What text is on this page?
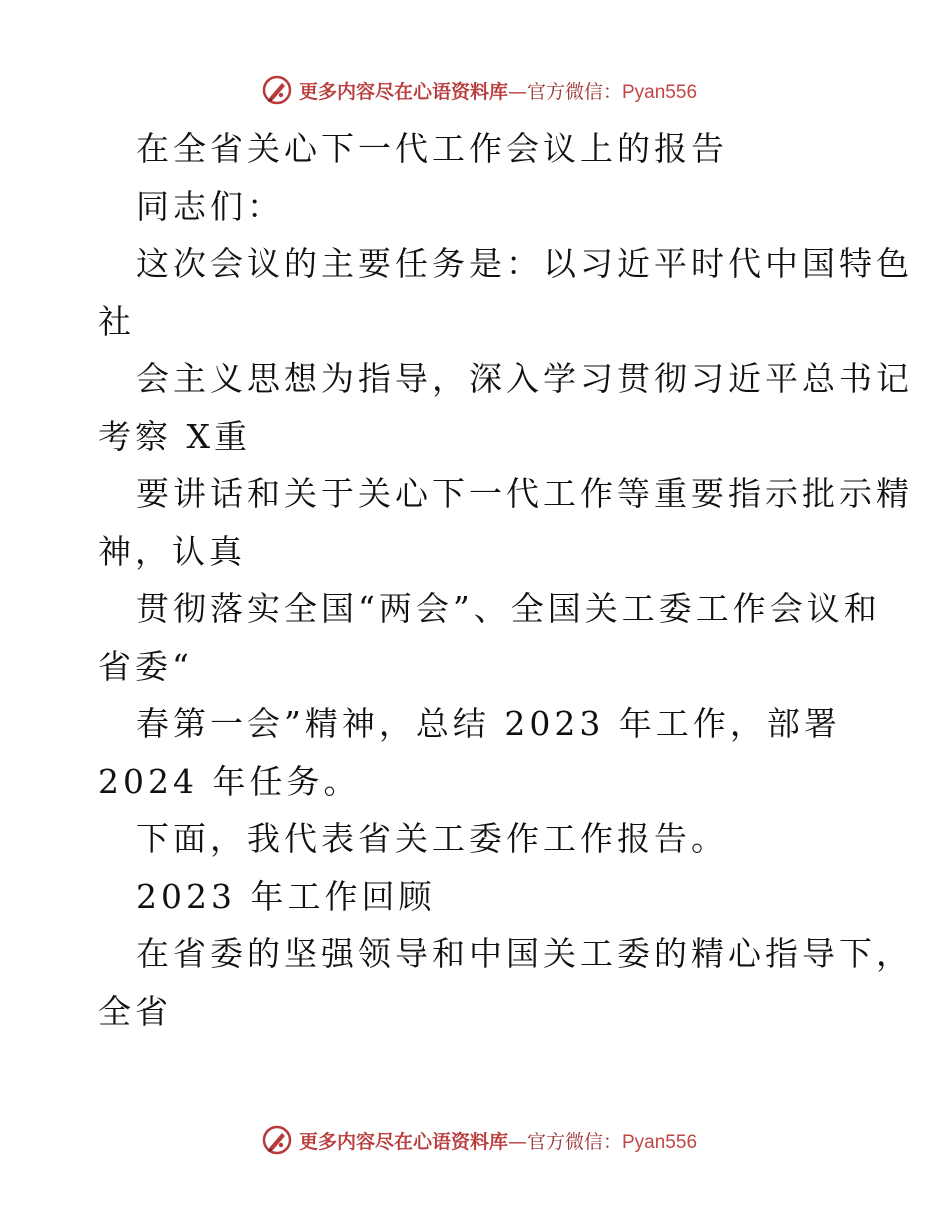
更多内容尽在心语资料库—官方微信：Pyan556
在全省关心下一代工作会议上的报告
同志们：
这次会议的主要任务是：以习近平时代中国特色
社
会主义思想为指导，深入学习贯彻习近平总书记
考察 X重
要讲话和关于关心下一代工作等重要指示批示精
神，认真
贯彻落实全国“两会”、全国关工委工作会议和
省委“
春第一会”精神，总结 2023 年工作，部署
2024 年任务。
下面，我代表省关工委作工作报告。
2023 年工作回顾
在省委的坚强领导和中国关工委的精心指导下，
全省
更多内容尽在心语资料库—官方微信：Pyan556
